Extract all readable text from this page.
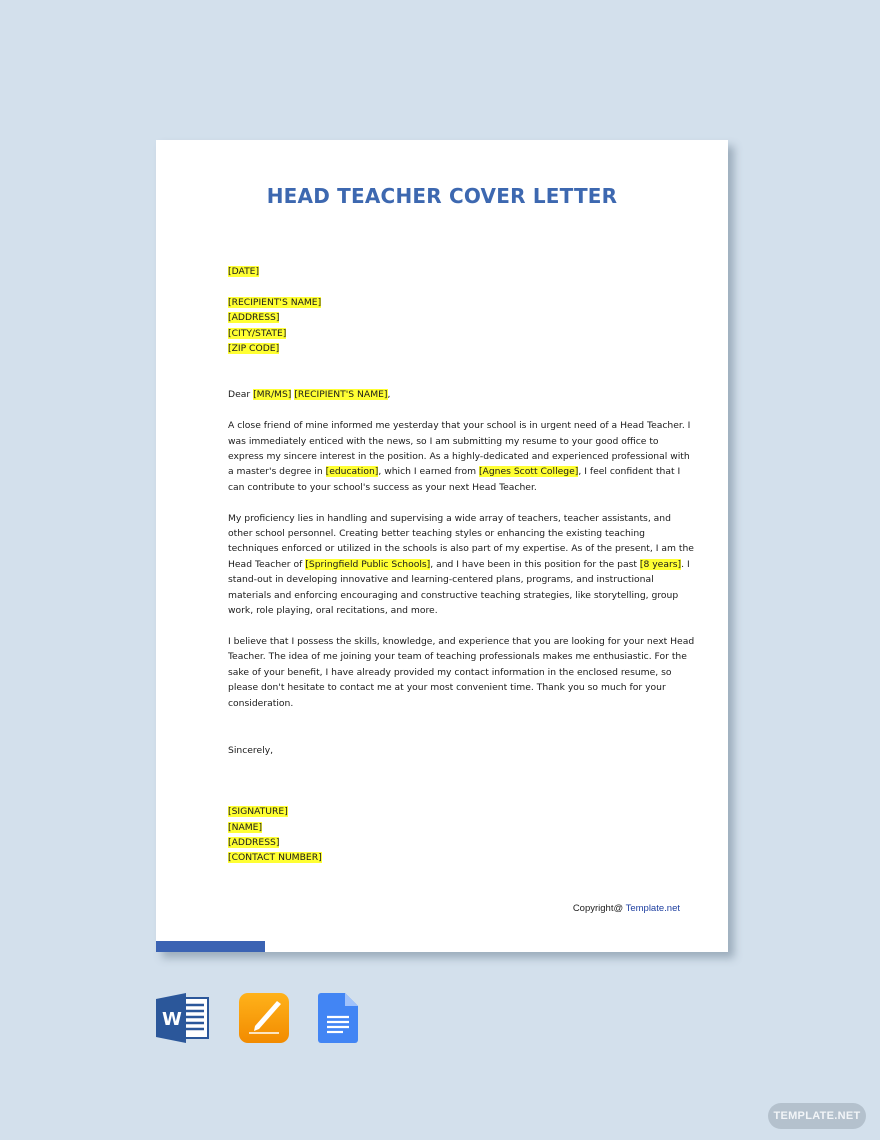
HEAD TEACHER COVER LETTER
[DATE]
[RECIPIENT'S NAME]
[ADDRESS]
[CITY/STATE]
[ZIP CODE]

Dear [MR/MS] [RECIPIENT'S NAME],

A close friend of mine informed me yesterday that your school is in urgent need of a Head Teacher. I
was immediately enticed with the news, so I am submitting my resume to your good office to
express my sincere interest in the position. As a highly-dedicated and experienced professional with
a master's degree in [education], which I earned from [Agnes Scott College], I feel confident that I
can contribute to your school's success as your next Head Teacher.

My proficiency lies in handling and supervising a wide array of teachers, teacher assistants, and
other school personnel. Creating better teaching styles or enhancing the existing teaching
techniques enforced or utilized in the schools is also part of my expertise. As of the present, I am the
Head Teacher of [Springfield Public Schools], and I have been in this position for the past [8 years]. I
stand-out in developing innovative and learning-centered plans, programs, and instructional
materials and enforcing encouraging and constructive teaching strategies, like storytelling, group
work, role playing, oral recitations, and more.

I believe that I possess the skills, knowledge, and experience that you are looking for your next Head
Teacher. The idea of me joining your team of teaching professionals makes me enthusiastic. For the
sake of your benefit, I have already provided my contact information in the enclosed resume, so
please don't hesitate to contact me at your most convenient time. Thank you so much for your
consideration.

Sincerely,
[SIGNATURE]
[NAME]
[ADDRESS]
[CONTACT NUMBER]
Copyright@ Template.net
W
TEMPLATE.NET
